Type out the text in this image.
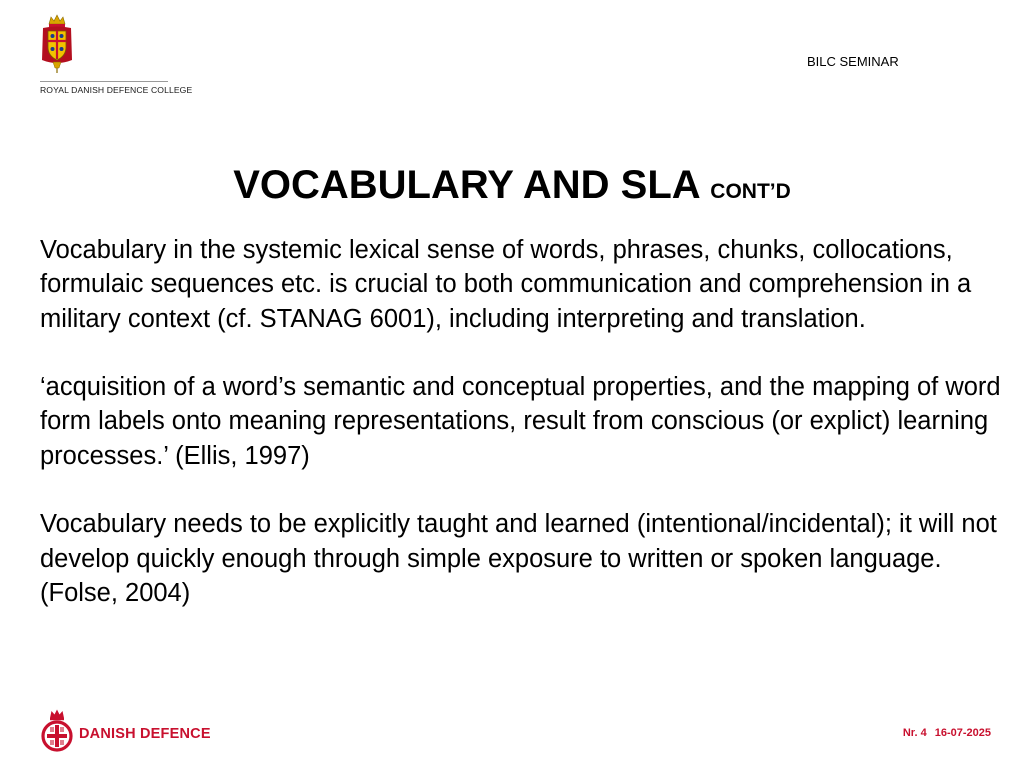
ROYAL DANISH DEFENCE COLLEGE
BILC SEMINAR
VOCABULARY AND SLA CONT’D

Vocabulary in the systemic lexical sense of words, phrases, chunks, collocations, formulaic sequences etc. is crucial to both communication and comprehension in a military context (cf. STANAG 6001), including interpreting and translation.

‘acquisition of a word’s semantic and conceptual properties, and the mapping of word form labels onto meaning representations, result from conscious (or explict) learning processes.’ (Ellis, 1997)

Vocabulary needs to be explicitly taught and learned (intentional/incidental); it will not develop quickly enough through simple exposure to written or spoken language. (Folse, 2004)

DANISH DEFENCE	Nr. 4 16-07-2025
